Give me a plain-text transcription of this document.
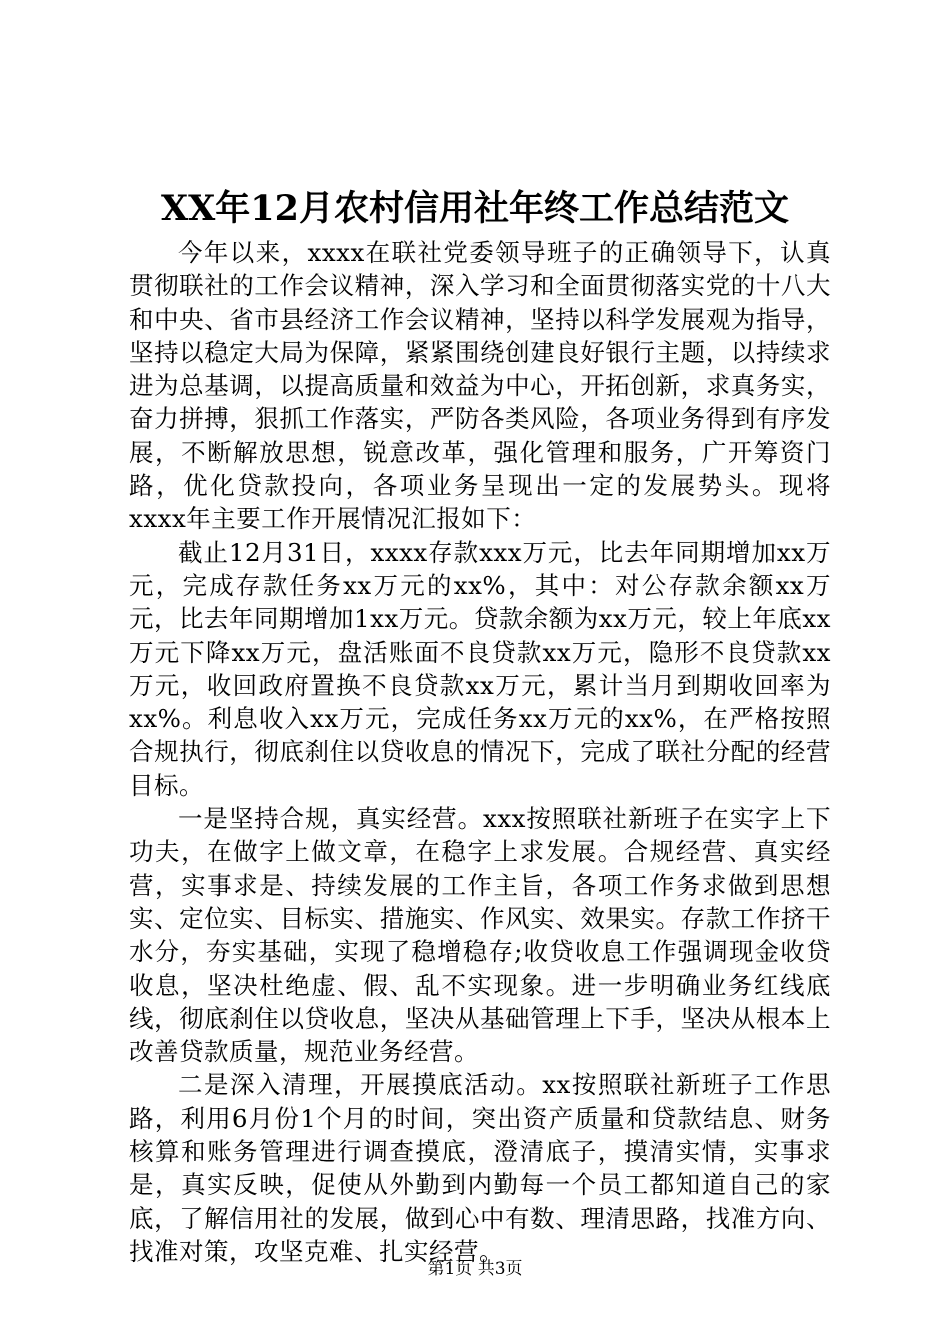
XX年12月农村信用社年终工作总结范文

今年以来，xxxx在联社党委领导班子的正确领导下，认真贯彻联社的工作会议精神，深入学习和全面贯彻落实党的十八大和中央、省市县经济工作会议精神，坚持以科学发展观为指导，坚持以稳定大局为保障，紧紧围绕创建良好银行主题，以持续求进为总基调，以提高质量和效益为中心，开拓创新，求真务实，奋力拼搏，狠抓工作落实，严防各类风险，各项业务得到有序发展，不断解放思想，锐意改革，强化管理和服务，广开筹资门路，优化贷款投向，各项业务呈现出一定的发展势头。现将xxxx年主要工作开展情况汇报如下：

截止12月31日，xxxx存款xxx万元，比去年同期增加xx万元，完成存款任务xx万元的xx%，其中：对公存款余额xx万元，比去年同期增加1xx万元。贷款余额为xx万元，较上年底xx万元下降xx万元，盘活账面不良贷款xx万元，隐形不良贷款xx万元，收回政府置换不良贷款xx万元，累计当月到期收回率为xx%。利息收入xx万元，完成任务xx万元的xx%，在严格按照合规执行，彻底刹住以贷收息的情况下，完成了联社分配的经营目标。

一是坚持合规，真实经营。xxx按照联社新班子在实字上下功夫，在做字上做文章，在稳字上求发展。合规经营、真实经营，实事求是、持续发展的工作主旨，各项工作务求做到思想实、定位实、目标实、措施实、作风实、效果实。存款工作挤干水分，夯实基础，实现了稳增稳存;收贷收息工作强调现金收贷收息，坚决杜绝虚、假、乱不实现象。进一步明确业务红线底线，彻底刹住以贷收息，坚决从基础管理上下手，坚决从根本上改善贷款质量，规范业务经营。

二是深入清理，开展摸底活动。xx按照联社新班子工作思路，利用6月份1个月的时间，突出资产质量和贷款结息、财务核算和账务管理进行调查摸底，澄清底子，摸清实情，实事求是，真实反映，促使从外勤到内勤每一个员工都知道自己的家底，了解信用社的发展，做到心中有数、理清思路，找准方向、找准对策，攻坚克难、扎实经营。

第1页 共3页
